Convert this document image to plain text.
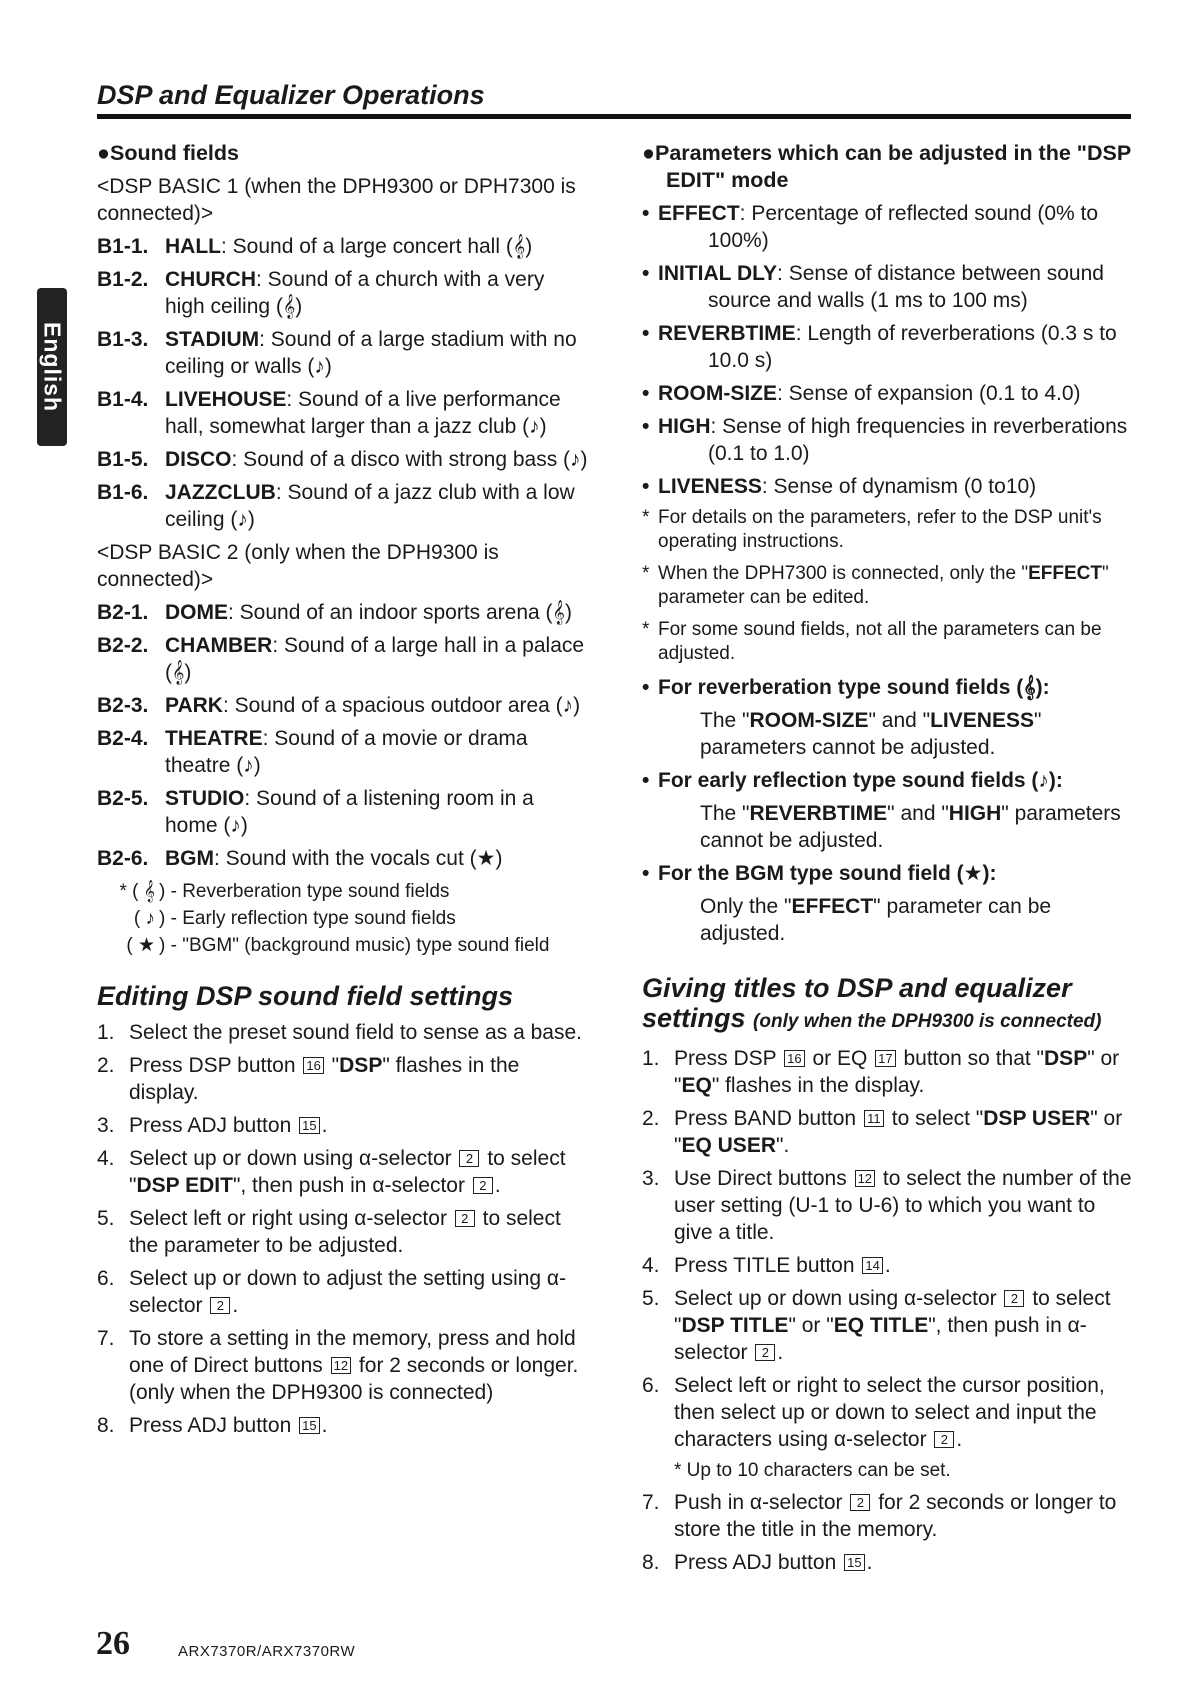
DSP and Equalizer Operations
English
●Sound fields
<DSP BASIC 1 (when the DPH9300 or DPH7300 is connected)>
B1-1. HALL: Sound of a large concert hall (𝄞)
B1-2. CHURCH: Sound of a church with a very high ceiling (𝄞)
B1-3. STADIUM: Sound of a large stadium with no ceiling or walls (♪)
B1-4. LIVEHOUSE: Sound of a live performance hall, somewhat larger than a jazz club (♪)
B1-5. DISCO: Sound of a disco with strong bass (♪)
B1-6. JAZZCLUB: Sound of a jazz club with a low ceiling (♪)
<DSP BASIC 2 (only when the DPH9300 is connected)>
B2-1. DOME: Sound of an indoor sports arena (𝄞)
B2-2. CHAMBER: Sound of a large hall in a palace (𝄞)
B2-3. PARK: Sound of a spacious outdoor area (♪)
B2-4. THEATRE: Sound of a movie or drama theatre (♪)
B2-5. STUDIO: Sound of a listening room in a home (♪)
B2-6. BGM: Sound with the vocals cut (★)
* ( 𝄞 ) - Reverberation type sound fields
( ♪ ) - Early reflection type sound fields
( ★ ) - "BGM" (background music) type sound field
Editing DSP sound field settings
1. Select the preset sound field to sense as a base.
2. Press DSP button 16 "DSP" flashes in the display.
3. Press ADJ button 15 .
4. Select up or down using α-selector 2 to select "DSP EDIT", then push in α-selector 2 .
5. Select left or right using α-selector 2 to select the parameter to be adjusted.
6. Select up or down to adjust the setting using α-selector 2 .
7. To store a setting in the memory, press and hold one of Direct buttons 12 for 2 seconds or longer. (only when the DPH9300 is connected)
8. Press ADJ button 15 .
●Parameters which can be adjusted in the "DSP EDIT" mode
• EFFECT: Percentage of reflected sound (0% to 100%)
• INITIAL DLY: Sense of distance between sound source and walls (1 ms to 100 ms)
• REVERBTIME: Length of reverberations (0.3 s to 10.0 s)
• ROOM-SIZE: Sense of expansion (0.1 to 4.0)
• HIGH: Sense of high frequencies in reverberations (0.1 to 1.0)
• LIVENESS: Sense of dynamism (0 to10)
* For details on the parameters, refer to the DSP unit's operating instructions.
* When the DPH7300 is connected, only the "EFFECT" parameter can be edited.
* For some sound fields, not all the parameters can be adjusted.
• For reverberation type sound fields (𝄞):
The "ROOM-SIZE" and "LIVENESS" parameters cannot be adjusted.
• For early reflection type sound fields (♪):
The "REVERBTIME" and "HIGH" parameters cannot be adjusted.
• For the BGM type sound field (★):
Only the "EFFECT" parameter can be adjusted.
Giving titles to DSP and equalizer settings (only when the DPH9300 is connected)
1. Press DSP 16 or EQ 17 button so that "DSP" or "EQ" flashes in the display.
2. Press BAND button 11 to select "DSP USER" or "EQ USER".
3. Use Direct buttons 12 to select the number of the user setting (U-1 to U-6) to which you want to give a title.
4. Press TITLE button 14 .
5. Select up or down using α-selector 2 to select "DSP TITLE" or "EQ TITLE", then push in α-selector 2 .
6. Select left or right to select the cursor position, then select up or down to select and input the characters using α-selector 2 .
* Up to 10 characters can be set.
7. Push in α-selector 2 for 2 seconds or longer to store the title in the memory.
8. Press ADJ button 15 .
26	ARX7370R/ARX7370RW
